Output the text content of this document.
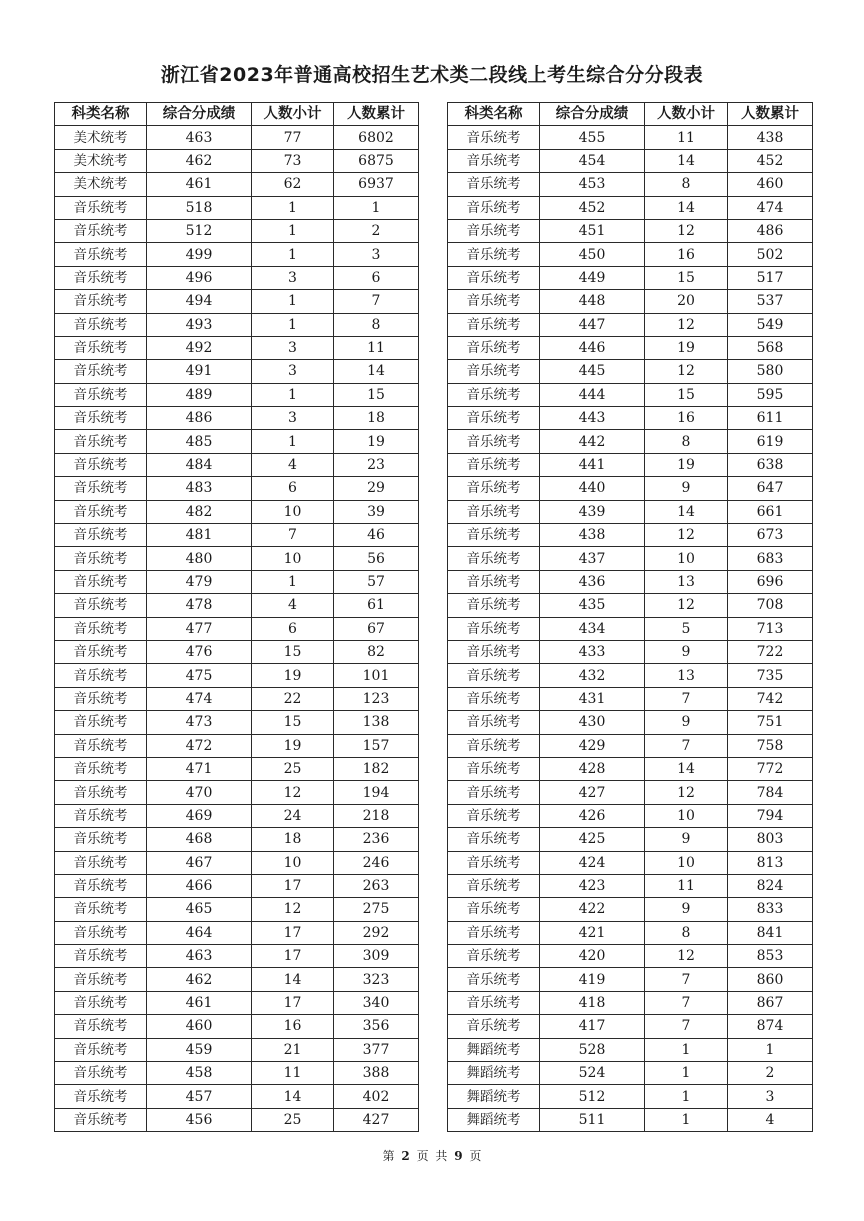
浙江省2023年普通高校招生艺术类二段线上考生综合分分段表
科类名称	综合分成绩	人数小计	人数累计
美术统考	463	77	6802
美术统考	462	73	6875
美术统考	461	62	6937
音乐统考	518	1	1
音乐统考	512	1	2
音乐统考	499	1	3
音乐统考	496	3	6
音乐统考	494	1	7
音乐统考	493	1	8
音乐统考	492	3	11
音乐统考	491	3	14
音乐统考	489	1	15
音乐统考	486	3	18
音乐统考	485	1	19
音乐统考	484	4	23
音乐统考	483	6	29
音乐统考	482	10	39
音乐统考	481	7	46
音乐统考	480	10	56
音乐统考	479	1	57
音乐统考	478	4	61
音乐统考	477	6	67
音乐统考	476	15	82
音乐统考	475	19	101
音乐统考	474	22	123
音乐统考	473	15	138
音乐统考	472	19	157
音乐统考	471	25	182
音乐统考	470	12	194
音乐统考	469	24	218
音乐统考	468	18	236
音乐统考	467	10	246
音乐统考	466	17	263
音乐统考	465	12	275
音乐统考	464	17	292
音乐统考	463	17	309
音乐统考	462	14	323
音乐统考	461	17	340
音乐统考	460	16	356
音乐统考	459	21	377
音乐统考	458	11	388
音乐统考	457	14	402
音乐统考	456	25	427
科类名称	综合分成绩	人数小计	人数累计
音乐统考	455	11	438
音乐统考	454	14	452
音乐统考	453	8	460
音乐统考	452	14	474
音乐统考	451	12	486
音乐统考	450	16	502
音乐统考	449	15	517
音乐统考	448	20	537
音乐统考	447	12	549
音乐统考	446	19	568
音乐统考	445	12	580
音乐统考	444	15	595
音乐统考	443	16	611
音乐统考	442	8	619
音乐统考	441	19	638
音乐统考	440	9	647
音乐统考	439	14	661
音乐统考	438	12	673
音乐统考	437	10	683
音乐统考	436	13	696
音乐统考	435	12	708
音乐统考	434	5	713
音乐统考	433	9	722
音乐统考	432	13	735
音乐统考	431	7	742
音乐统考	430	9	751
音乐统考	429	7	758
音乐统考	428	14	772
音乐统考	427	12	784
音乐统考	426	10	794
音乐统考	425	9	803
音乐统考	424	10	813
音乐统考	423	11	824
音乐统考	422	9	833
音乐统考	421	8	841
音乐统考	420	12	853
音乐统考	419	7	860
音乐统考	418	7	867
音乐统考	417	7	874
舞蹈统考	528	1	1
舞蹈统考	524	1	2
舞蹈统考	512	1	3
舞蹈统考	511	1	4
第 2 页 共 9 页
